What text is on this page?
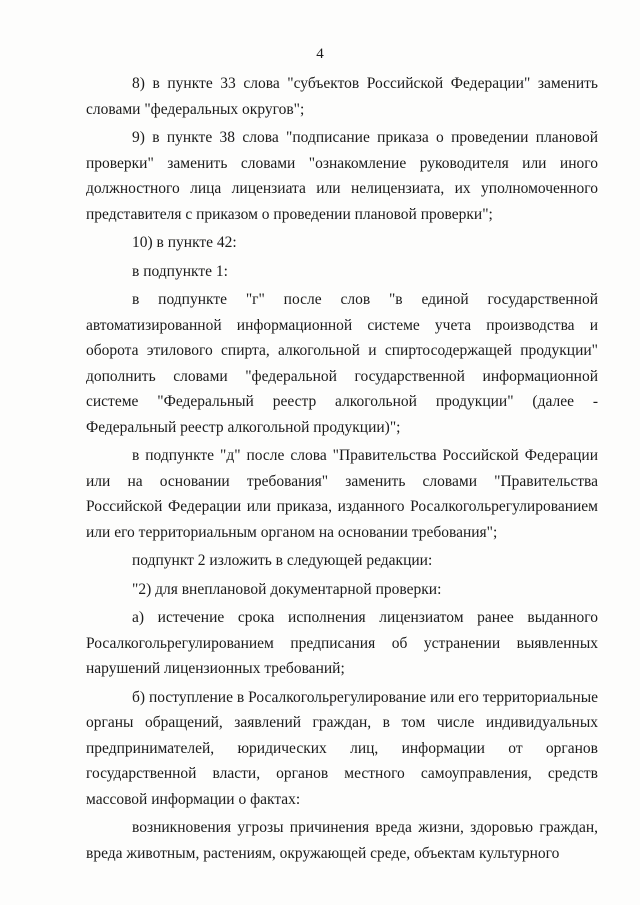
4

8) в пункте 33 слова "субъектов Российской Федерации" заменить словами "федеральных округов";

9) в пункте 38 слова "подписание приказа о проведении плановой проверки" заменить словами "ознакомление руководителя или иного должностного лица лицензиата или нелицензиата, их уполномоченного представителя с приказом о проведении плановой проверки";

10) в пункте 42:

в подпункте 1:

в подпункте "г" после слов "в единой государственной автоматизированной информационной системе учета производства и оборота этилового спирта, алкогольной и спиртосодержащей продукции" дополнить словами "федеральной государственной информационной системе "Федеральный реестр алкогольной продукции" (далее - Федеральный реестр алкогольной продукции)";

в подпункте "д" после слова "Правительства Российской Федерации или на основании требования" заменить словами "Правительства Российской Федерации или приказа, изданного Росалкогольрегулированием или его территориальным органом на основании требования";

подпункт 2 изложить в следующей редакции:

"2) для внеплановой документарной проверки:

а) истечение срока исполнения лицензиатом ранее выданного Росалкогольрегулированием предписания об устранении выявленных нарушений лицензионных требований;

б) поступление в Росалкогольрегулирование или его территориальные органы обращений, заявлений граждан, в том числе индивидуальных предпринимателей, юридических лиц, информации от органов государственной власти, органов местного самоуправления, средств массовой информации о фактах:

возникновения угрозы причинения вреда жизни, здоровью граждан, вреда животным, растениям, окружающей среде, объектам культурного
